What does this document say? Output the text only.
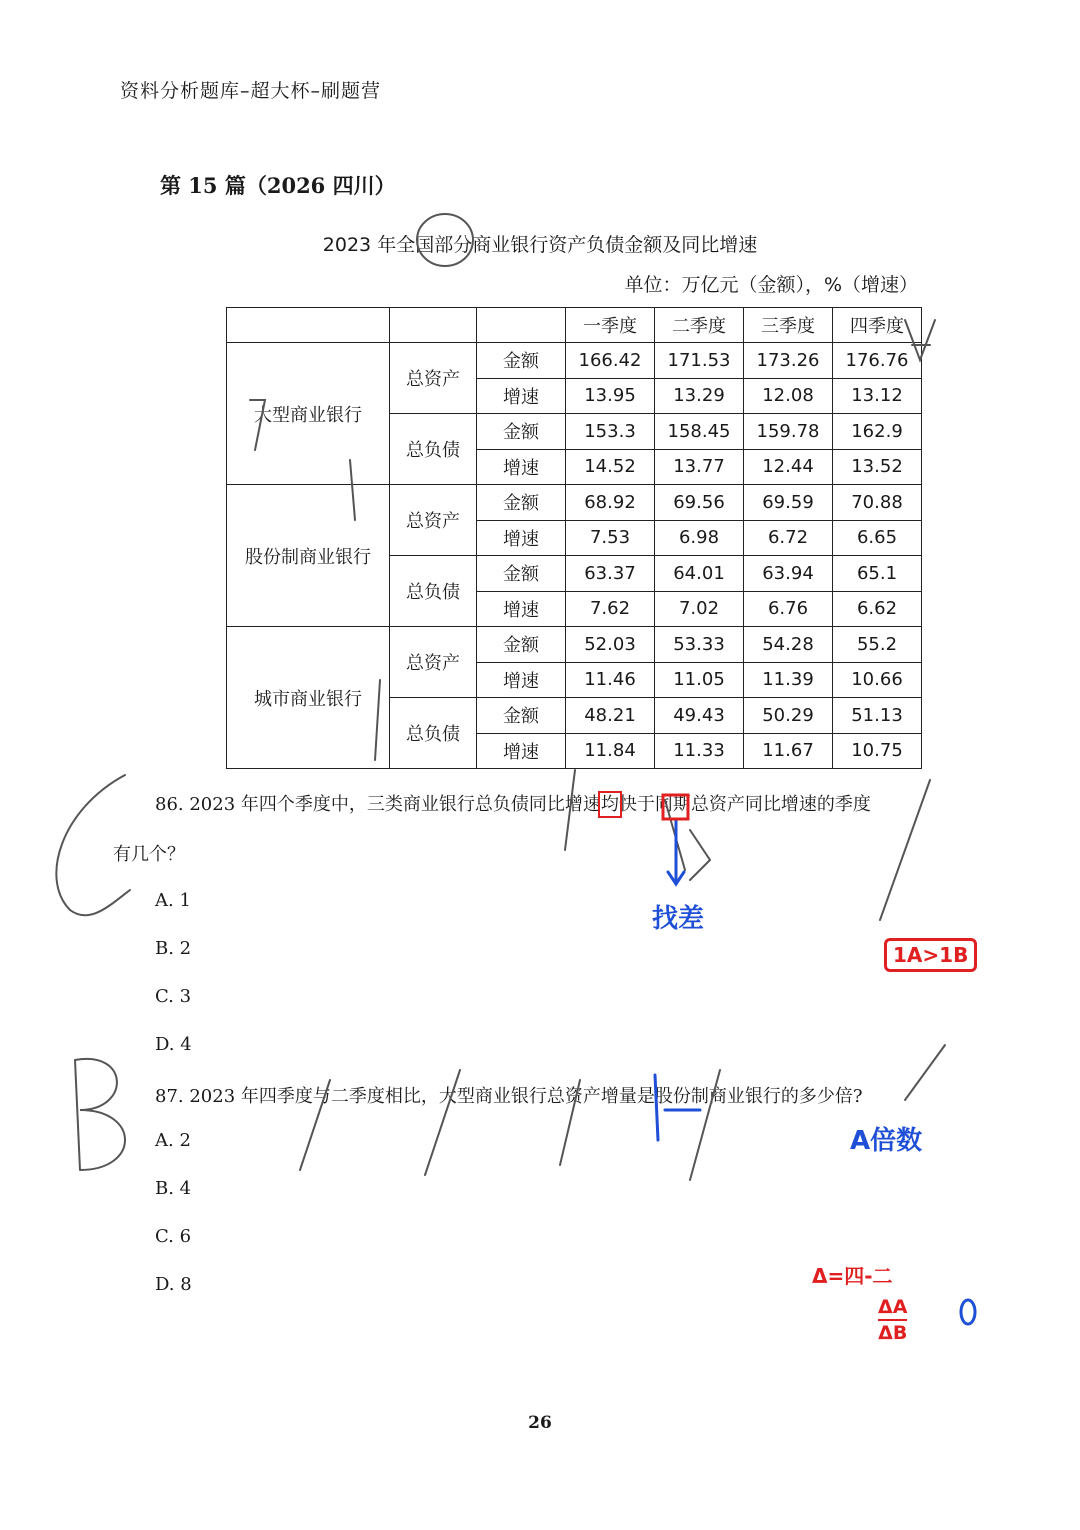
资料分析题库–超大杯–刷题营
第 15 篇（2026 四川）
2023 年全国部分商业银行资产负债金额及同比增速
单位：万亿元（金额），%（增速）
			一季度	二季度	三季度	四季度
大型商业银行	总资产	金额	166.42	171.53	173.26	176.76
		增速	13.95	13.29	12.08	13.12
	总负债	金额	153.3	158.45	159.78	162.9
		增速	14.52	13.77	12.44	13.52
股份制商业银行	总资产	金额	68.92	69.56	69.59	70.88
		增速	7.53	6.98	6.72	6.65
	总负债	金额	63.37	64.01	63.94	65.1
		增速	7.62	7.02	6.76	6.62
城市商业银行	总资产	金额	52.03	53.33	54.28	55.2
		增速	11.46	11.05	11.39	10.66
	总负债	金额	48.21	49.43	50.29	51.13
		增速	11.84	11.33	11.67	10.75
86. 2023 年四个季度中，三类商业银行总负债同比增速均快于同期总资产同比增速的季度
有几个？
A. 1
B. 2
C. 3
D. 4
87. 2023 年四季度与二季度相比，大型商业银行总资产增量是股份制商业银行的多少倍?
A. 2
B. 4
C. 6
D. 8
26
找差
1A>1B
A倍数
Δ=四-二
ΔA
ΔB
